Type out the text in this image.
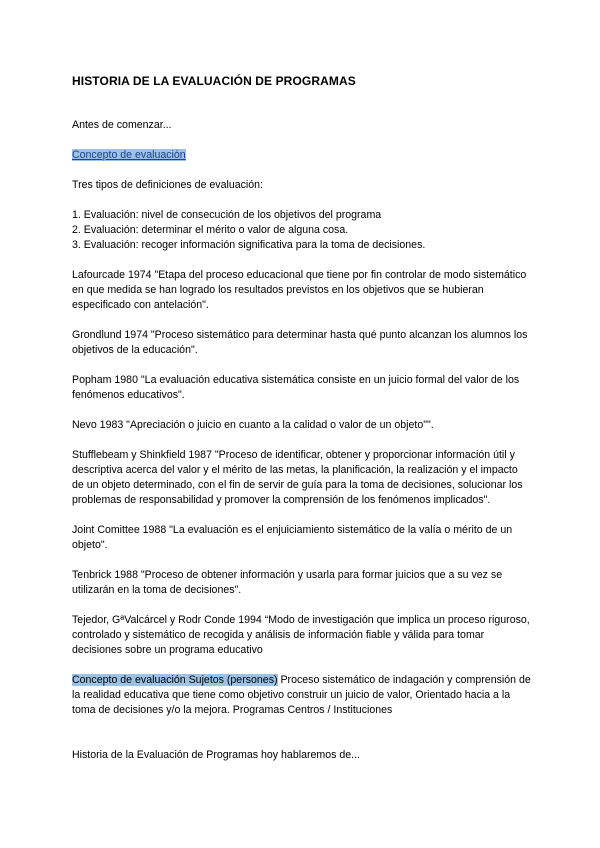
HISTORIA DE LA EVALUACIÓN DE PROGRAMAS

Antes de comenzar...

Concepto de evaluación

Tres tipos de definiciones de evaluación:

1. Evaluación: nivel de consecución de los objetivos del programa

2. Evaluación: determinar el mérito o valor de alguna cosa.

3. Evaluación: recoger información significativa para la toma de decisiones.

Lafourcade 1974 "Etapa del proceso educacional que tiene por fin controlar de modo sistemático en que medida se han logrado los resultados previstos en los objetivos que se hubieran especificado con antelación".

Grondlund 1974 "Proceso sistemático para determinar hasta qué punto alcanzan los alumnos los objetivos de la educación".

Popham 1980 "La evaluación educativa sistemática consiste en un juicio formal del valor de los fenómenos educativos".

Nevo 1983 "Apreciación o juicio en cuanto a la calidad o valor de un objeto"".

Stufflebeam y Shinkfield 1987 "Proceso de identificar, obtener y proporcionar información útil y descriptiva acerca del valor y el mérito de las metas, la planificación, la realización y el impacto de un objeto determinado, con el fin de servir de guía para la toma de decisiones, solucionar los problemas de responsabilidad y promover la comprensión de los fenómenos implicados".

Joint Comittee 1988 "La evaluación es el enjuiciamiento sistemático de la valía o mérito de un objeto".

Tenbrick 1988 "Proceso de obtener información y usarla para formar juicios que a su vez se utilizarán en la toma de decisiones".

Tejedor, GªValcárcel y Rodr Conde 1994 “Modo de investigación que implica un proceso riguroso, controlado y sistemático de recogida y análisis de información fiable y válida para tomar decisiones sobre un programa educativo

Concepto de evaluación Sujetos (persones) Proceso sistemático de indagación y comprensión de la realidad educativa que tiene como objetivo construir un juicio de valor, Orientado hacia a la toma de decisiones y/o la mejora. Programas Centros / Instituciones

Historia de la Evaluación de Programas hoy hablaremos de...
